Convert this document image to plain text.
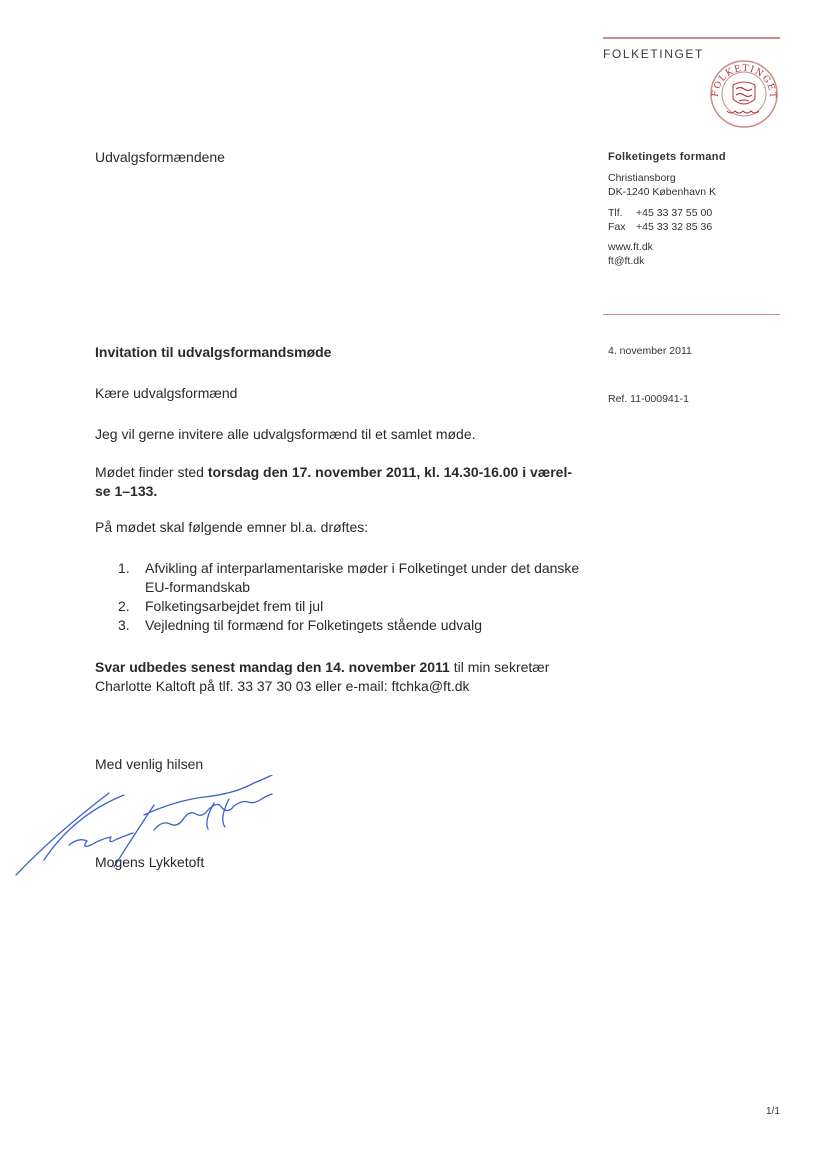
FOLKETINGET
FOLKETINGET
Folketingets formand
Christiansborg
DK-1240 København K
Tlf.	+45 33 37 55 00
Fax +45 33 32 85 36
www.ft.dk
ft@ft.dk
4. november 2011
Ref. 11-000941-1
Udvalgsformændene
Invitation til udvalgsformandsmøde
Kære udvalgsformænd
Jeg vil gerne invitere alle udvalgsformænd til et samlet møde.
Mødet finder sted torsdag den 17. november 2011, kl. 14.30-16.00 i værel-
se 1–133.
På mødet skal følgende emner bl.a. drøftes:
1.	Afvikling af interparlamentariske møder i Folketinget under det danske
EU-formandskab
2.	Folketingsarbejdet frem til jul
3.	Vejledning til formænd for Folketingets stående udvalg
Svar udbedes senest mandag den 14. november 2011 til min sekretær
Charlotte Kaltoft på tlf. 33 37 30 03 eller e-mail: ftchka@ft.dk
Med venlig hilsen
Mogens Lykketoft
1/1
